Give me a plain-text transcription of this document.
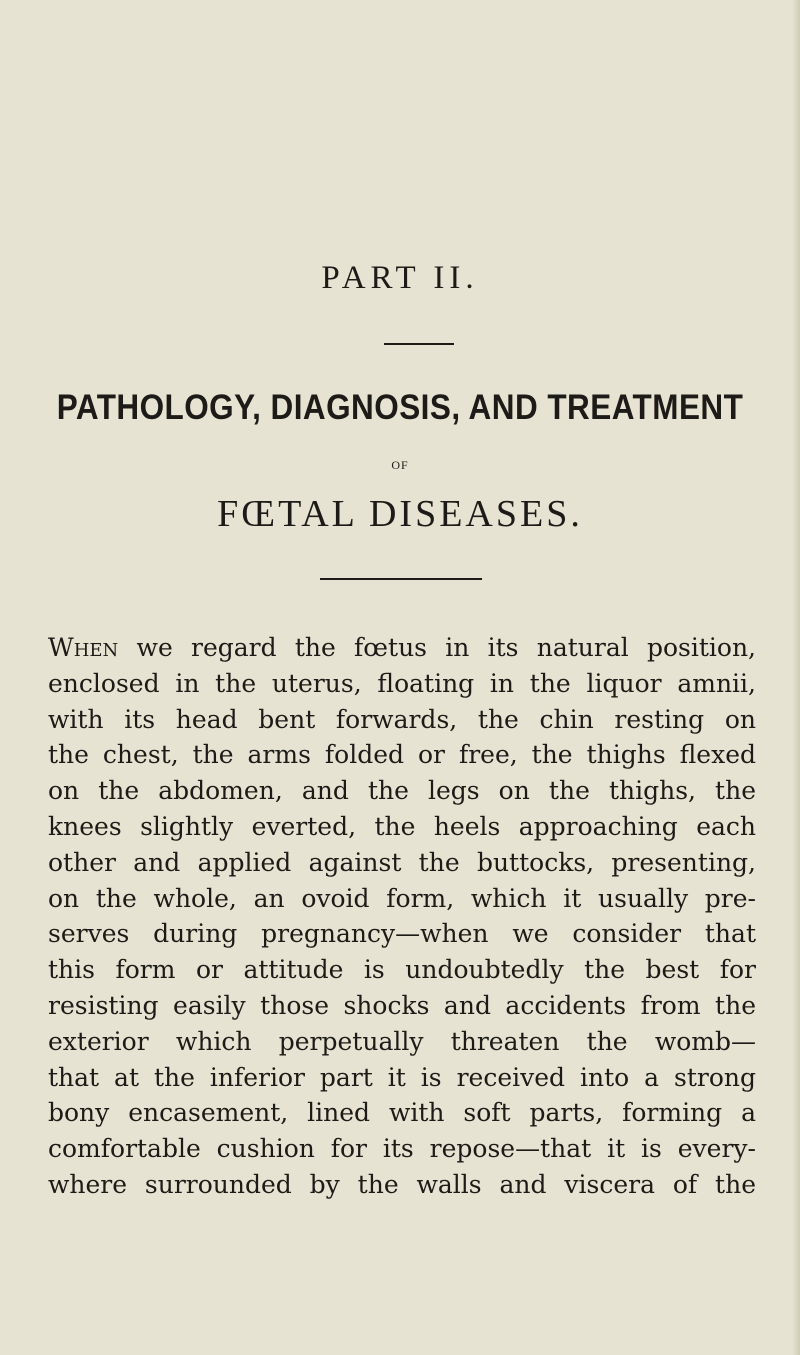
PART II.
PATHOLOGY, DIAGNOSIS, AND TREATMENT
OF
FŒTAL DISEASES.
When we regard the fœtus in its natural position,
enclosed in the uterus, floating in the liquor amnii,
with its head bent forwards, the chin resting on
the chest, the arms folded or free, the thighs flexed
on the abdomen, and the legs on the thighs, the
knees slightly everted, the heels approaching each
other and applied against the buttocks, presenting,
on the whole, an ovoid form, which it usually pre-
serves during pregnancy—when we consider that
this form or attitude is undoubtedly the best for
resisting easily those shocks and accidents from the
exterior which perpetually threaten the womb—
that at the inferior part it is received into a strong
bony encasement, lined with soft parts, forming a
comfortable cushion for its repose—that it is every-
where surrounded by the walls and viscera of the
